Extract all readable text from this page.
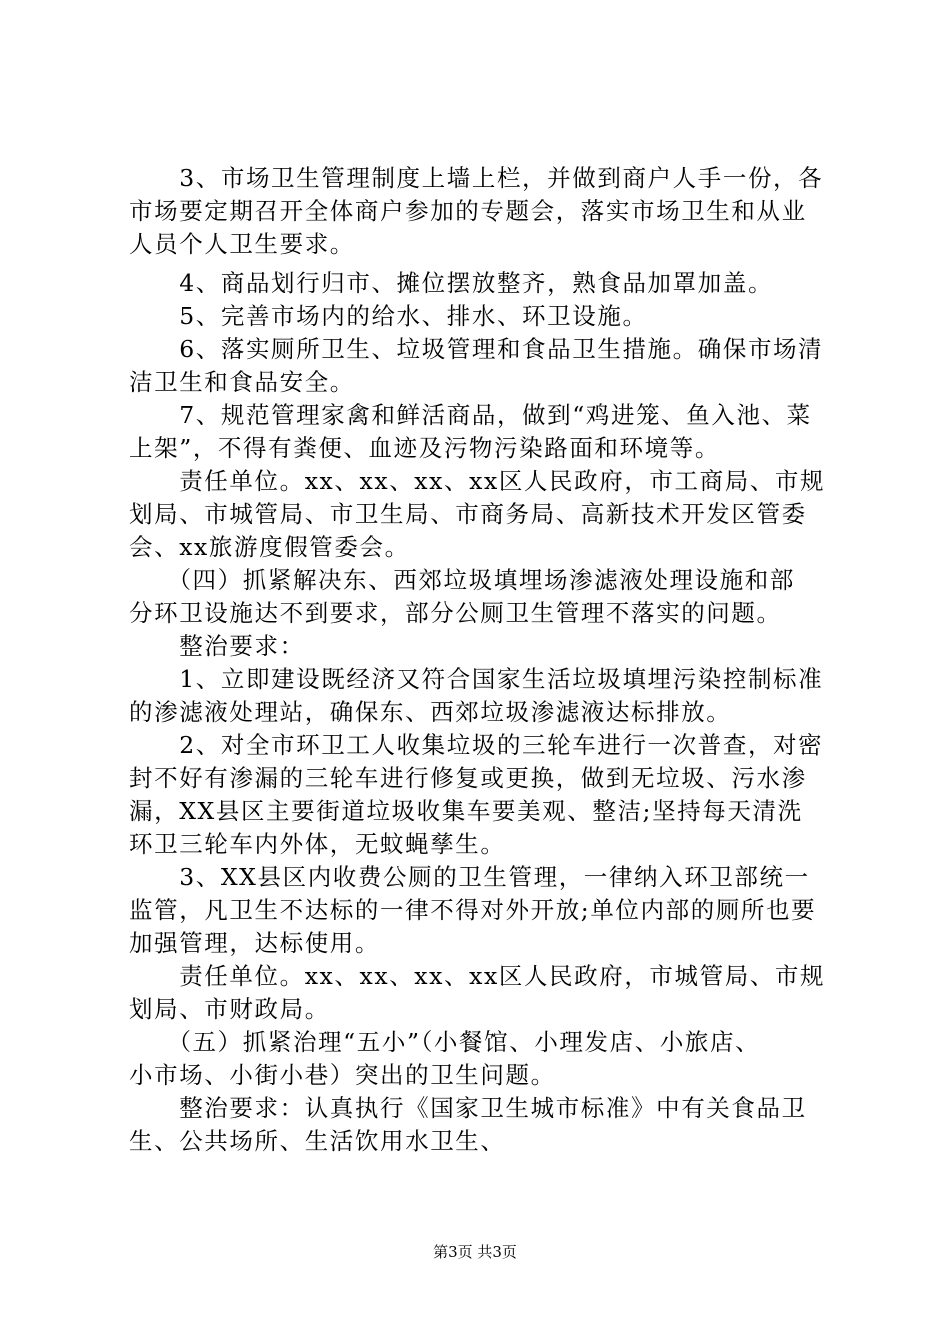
　　3、市场卫生管理制度上墙上栏，并做到商户人手一份，各
市场要定期召开全体商户参加的专题会，落实市场卫生和从业
人员个人卫生要求。
　　4、商品划行归市、摊位摆放整齐，熟食品加罩加盖。
　　5、完善市场内的给水、排水、环卫设施。
　　6、落实厕所卫生、垃圾管理和食品卫生措施。确保市场清
洁卫生和食品安全。
　　7、规范管理家禽和鲜活商品，做到“鸡进笼、鱼入池、菜
上架”，不得有粪便、血迹及污物污染路面和环境等。
　　责任单位。xx、xx、xx、xx区人民政府，市工商局、市规
划局、市城管局、市卫生局、市商务局、高新技术开发区管委
会、xx旅游度假管委会。
　　（四）抓紧解决东、西郊垃圾填埋场渗滤液处理设施和部
分环卫设施达不到要求，部分公厕卫生管理不落实的问题。
　　整治要求：
　　1、立即建设既经济又符合国家生活垃圾填埋污染控制标准
的渗滤液处理站，确保东、西郊垃圾渗滤液达标排放。
　　2、对全市环卫工人收集垃圾的三轮车进行一次普查，对密
封不好有渗漏的三轮车进行修复或更换，做到无垃圾、污水渗
漏，XX县区主要街道垃圾收集车要美观、整洁;坚持每天清洗
环卫三轮车内外体，无蚊蝇孳生。
　　3、XX县区内收费公厕的卫生管理，一律纳入环卫部统一
监管，凡卫生不达标的一律不得对外开放;单位内部的厕所也要
加强管理，达标使用。
　　责任单位。xx、xx、xx、xx区人民政府，市城管局、市规
划局、市财政局。
　　（五）抓紧治理“五小”（小餐馆、小理发店、小旅店、
小市场、小街小巷）突出的卫生问题。
　　整治要求：认真执行《国家卫生城市标准》中有关食品卫
生、公共场所、生活饮用水卫生、
第3页 共3页
